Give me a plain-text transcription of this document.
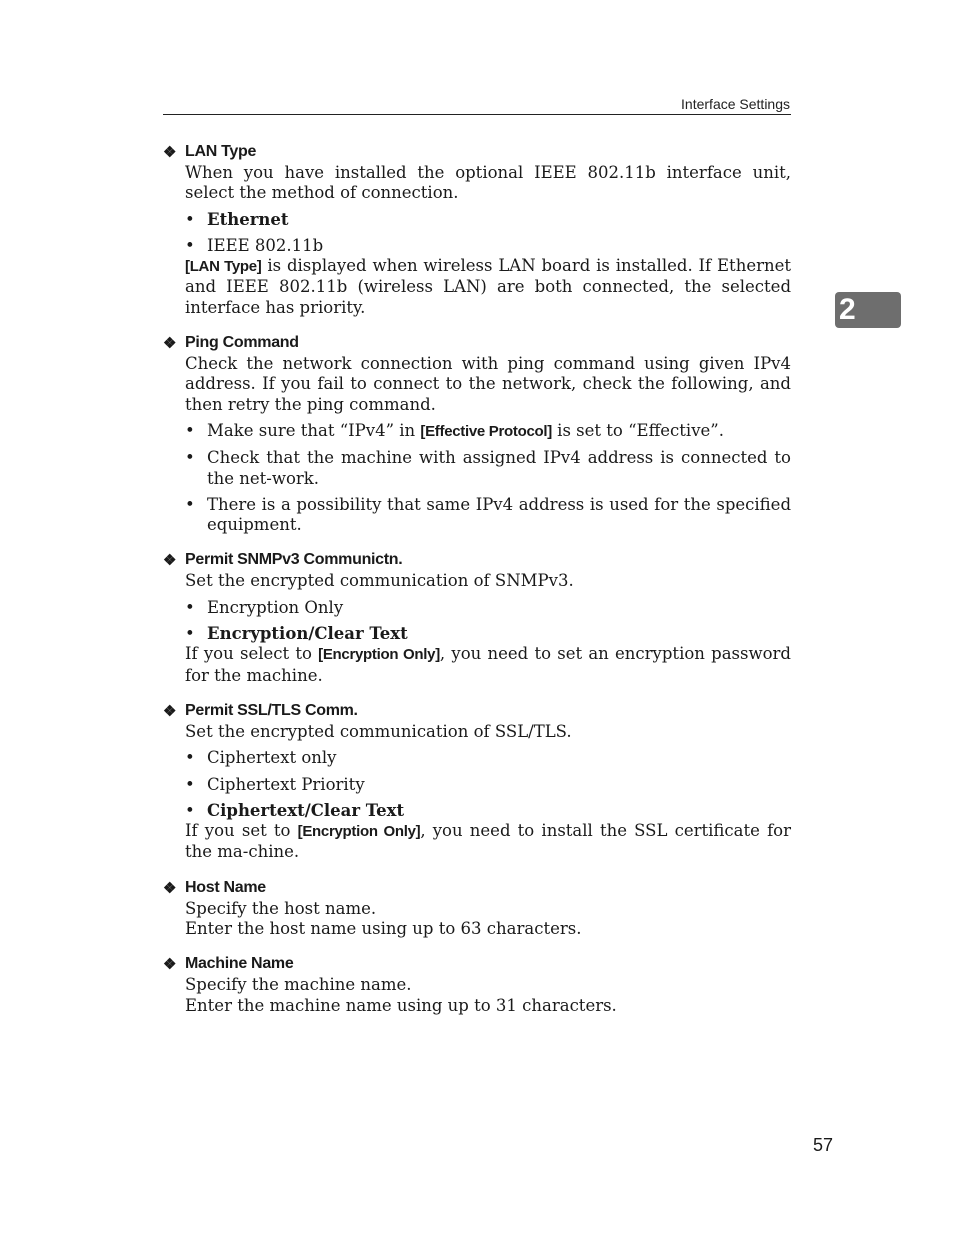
Interface Settings
2
❖ LAN Type

When you have installed the optional IEEE 802.11b interface unit, select the method of connection.

• Ethernet
• IEEE 802.11b

[LAN Type] is displayed when wireless LAN board is installed. If Ethernet and IEEE 802.11b (wireless LAN) are both connected, the selected interface has priority.

❖ Ping Command

Check the network connection with ping command using given IPv4 address. If you fail to connect to the network, check the following, and then retry the ping command.

• Make sure that “IPv4” in [Effective Protocol] is set to “Effective”.
• Check that the machine with assigned IPv4 address is connected to the net-work.
• There is a possibility that same IPv4 address is used for the specified equipment.
❖ Permit SNMPv3 Communictn.

Set the encrypted communication of SNMPv3.

• Encryption Only
• Encryption/Clear Text

If you select to [Encryption Only], you need to set an encryption password for the machine.

❖ Permit SSL/TLS Comm.

Set the encrypted communication of SSL/TLS.

• Ciphertext only
• Ciphertext Priority
• Ciphertext/Clear Text

If you set to [Encryption Only], you need to install the SSL certificate for the ma-chine.

❖ Host Name

Specify the host name.

Enter the host name using up to 63 characters.

❖ Machine Name

Specify the machine name.

Enter the machine name using up to 31 characters.

57
